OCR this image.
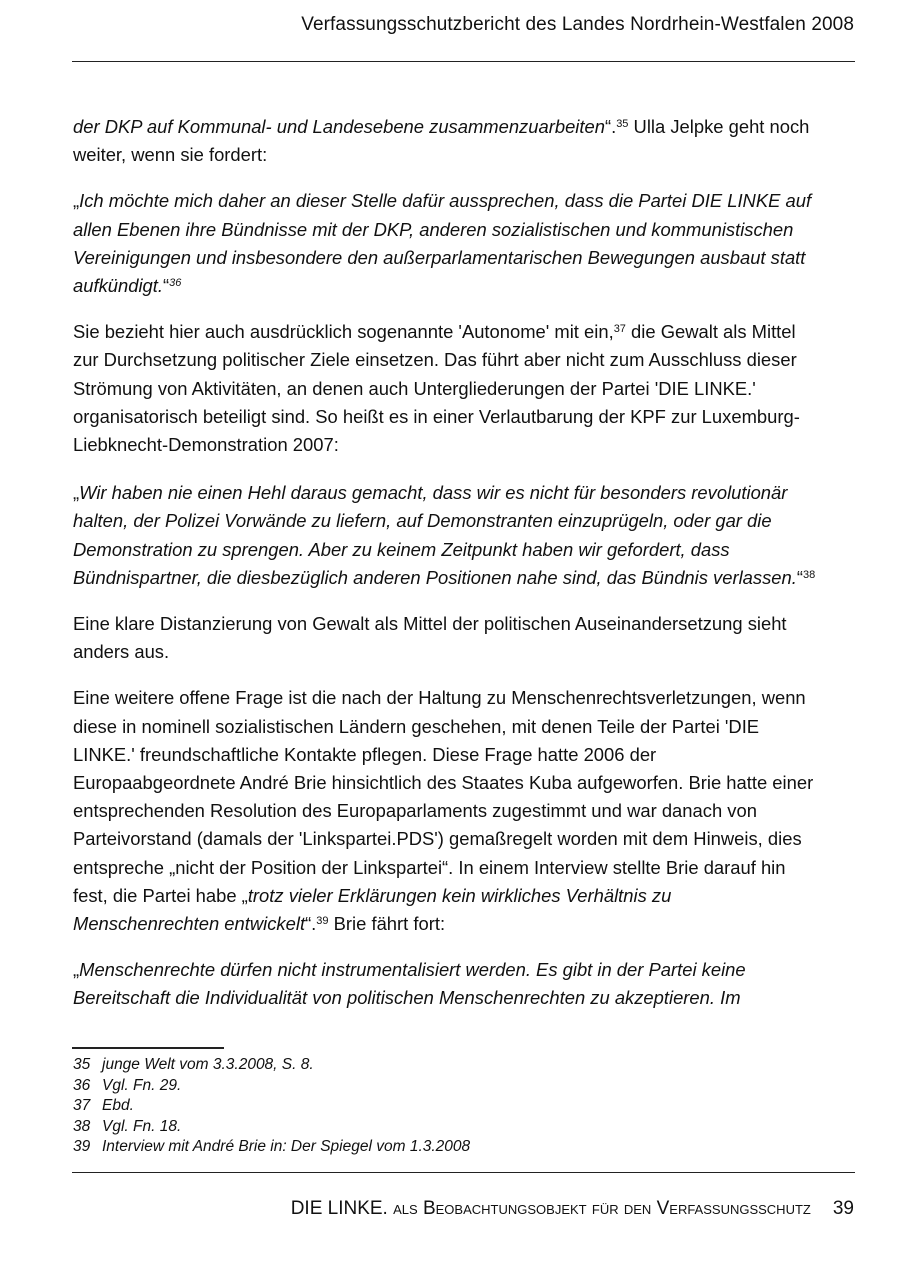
Verfassungsschutzbericht des Landes Nordrhein-Westfalen 2008

der DKP auf Kommunal- und Landesebene zusammenzuarbeiten“.$^{35}$ Ulla Jelpke geht noch weiter, wenn sie fordert:

„Ich möchte mich daher an dieser Stelle dafür aussprechen, dass die Partei DIE LINKE auf allen Ebenen ihre Bündnisse mit der DKP, anderen sozialistischen und kommunistischen Vereinigungen und insbesondere den außerparlamentarischen Bewegungen ausbaut statt aufkündigt.“$^{36}$

Sie bezieht hier auch ausdrücklich sogenannte 'Autonome' mit ein,$^{37}$ die Gewalt als Mittel zur Durchsetzung politischer Ziele einsetzen. Das führt aber nicht zum Ausschluss dieser Strömung von Aktivitäten, an denen auch Untergliederungen der Partei 'DIE LINKE.' organisatorisch beteiligt sind. So heißt es in einer Verlautbarung der KPF zur Luxemburg-Liebknecht-Demonstration 2007:

„Wir haben nie einen Hehl daraus gemacht, dass wir es nicht für besonders revolutionär halten, der Polizei Vorwände zu liefern, auf Demonstranten einzuprügeln, oder gar die Demonstration zu sprengen. Aber zu keinem Zeitpunkt haben wir gefordert, dass Bündnispartner, die diesbezüglich anderen Positionen nahe sind, das Bündnis verlassen.“$^{38}$

Eine klare Distanzierung von Gewalt als Mittel der politischen Auseinandersetzung sieht anders aus.

Eine weitere offene Frage ist die nach der Haltung zu Menschenrechtsverletzungen, wenn diese in nominell sozialistischen Ländern geschehen, mit denen Teile der Partei 'DIE LINKE.' freundschaftliche Kontakte pflegen. Diese Frage hatte 2006 der Europaabgeordnete André Brie hinsichtlich des Staates Kuba aufgeworfen. Brie hatte einer entsprechenden Resolution des Europaparlaments zugestimmt und war danach von Parteivorstand (damals der 'Linkspartei.PDS') gemaßregelt worden mit dem Hinweis, dies entspreche „nicht der Position der Linkspartei“. In einem Interview stellte Brie darauf hin fest, die Partei habe „trotz vieler Erklärungen kein wirkliches Verhältnis zu Menschenrechten entwickelt“.$^{39}$ Brie fährt fort:

„Menschenrechte dürfen nicht instrumentalisiert werden. Es gibt in der Partei keine Bereitschaft die Individualität von politischen Menschenrechten zu akzeptieren. Im

35 junge Welt vom 3.3.2008, S. 8.
36 Vgl. Fn. 29.
37 Ebd.
38 Vgl. Fn. 18.
39 Interview mit André Brie in: Der Spiegel vom 1.3.2008
DIE LINKE. als Beobachtungsobjekt für den Verfassungsschutz 39
